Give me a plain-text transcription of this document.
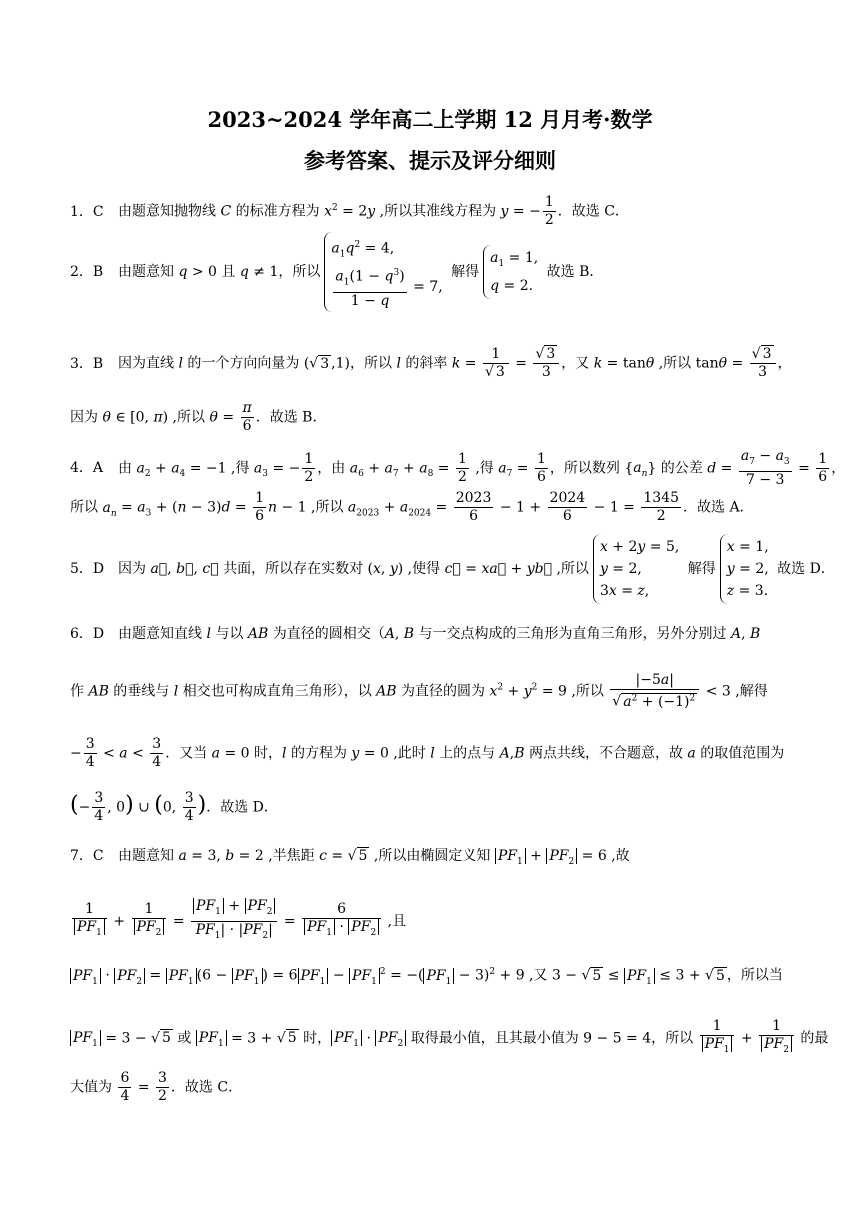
2023~2024 学年高二上学期 12 月月考·数学
参考答案、提示及评分细则
1．C 由题意知抛物线 C 的标准方程为 $x^2 = 2y$ ,所以其准线方程为 y = − $\frac{1}{2}$ ．故选 C．
2．B 由题意知 q > 0 且 q ≠ 1，所以
$a_1q^2 = 4$,
$\frac{a_1(1 - q^3)}{1 - q} = 7$,
解得
$a_1 = 1$,
q = 2.
故选 B．
3．B 因为直线 l 的一个方向向量为 (√ 3 ,1)，所以 l 的斜率 $k = \frac{1}{√ 3} = \frac{√ 3}{3}$ ，又 k = tanθ ,所以 $\tan\theta = \frac{√ 3}{3}$ ，
因为 θ ∈ [0, π) ,所以 $\theta = \frac{\pi}{6}$ ．故选 B．
4．A 由 $a_2 + a_4 = -1$ ,得 $a_3$ = − $\frac{1}{2}$ ，由 $a_6 + a_7 + a_8 = \frac{1}{2}$ ,得 $a_7 = \frac{1}{6}$ ，所以数列 $\{a_n\}$ 的公差 $d = \frac{a_7 - a_3}{7 - 3} = \frac{1}{6}$ ，
所以 $a_n = a_3 + (n - 3)d = \frac{1}{6}$ n − 1 ,所以 $a_{2023} + a_{2024} = \frac{2023}{6} - 1 + \frac{2024}{6} - 1 = \frac{1345}{2}$ ．故选 A．
5．D 因为 a⃗, b⃗, c⃗ 共面，所以存在实数对 (x, y) ,使得 c⃗ = xa⃗ + yb⃗ ,所以
x + 2y = 5,
y = 2,
3x = z,
解得
x = 1,
y = 2,
z = 3.
故选 D．
6．D 由题意知直线 l 与以 AB 为直径的圆相交（A, B 与一交点构成的三角形为直角三角形，另外分别过 A, B
作 AB 的垂线与 l 相交也可构成直角三角形），以 AB 为直径的圆为 $x^2 + y^2 = 9$ ,所以 $\frac{|-5a|}{√ a^2 + (-1)^2} < 3$ ,解得
− $\frac{3}{4} < a < \frac{3}{4}$ ．又当 a = 0 时，l 的方程为 y = 0 ,此时 l 上的点与 A,B 两点共线，不合题意，故 a 的取值范围为
(− $\frac{3}{4}$ , 0) ∪ (0, $\frac{3}{4}$ )．故选 D．
7．C 由题意知 a = 3, b = 2 ,半焦距 c = √ 5 ,所以由椭圆定义知 $PF_1 + PF_2 = 6$ ,故
$\frac{1}{PF_1} + \frac{1}{PF_2} = \frac{PF_1 + PF_2}{PF_1| \cdot |PF_2|} = \frac{6}{PF_1 \cdot PF_2}$ ,且
$PF_1 \cdot PF_2 = PF_1$ ($6 - PF_1$ ) = 6 $PF_1 - PF_1^2$ = −( $PF_1 - 3)^2 + 9$ ,又 3 − √ $5 \le PF_1 \le 3$ + √ 5 ，所以当
$PF_1 = 3$ − √ 5 或 $PF_1 = 3$ + √ 5 时， $PF_1 \cdot PF_2$ 取得最小值，且其最小值为 9 − 5 = 4，所以 $\frac{1}{PF_1} + \frac{1}{PF_2}$ 的最
大值为 $\frac{6}{4} = \frac{3}{2}$ ．故选 C．
